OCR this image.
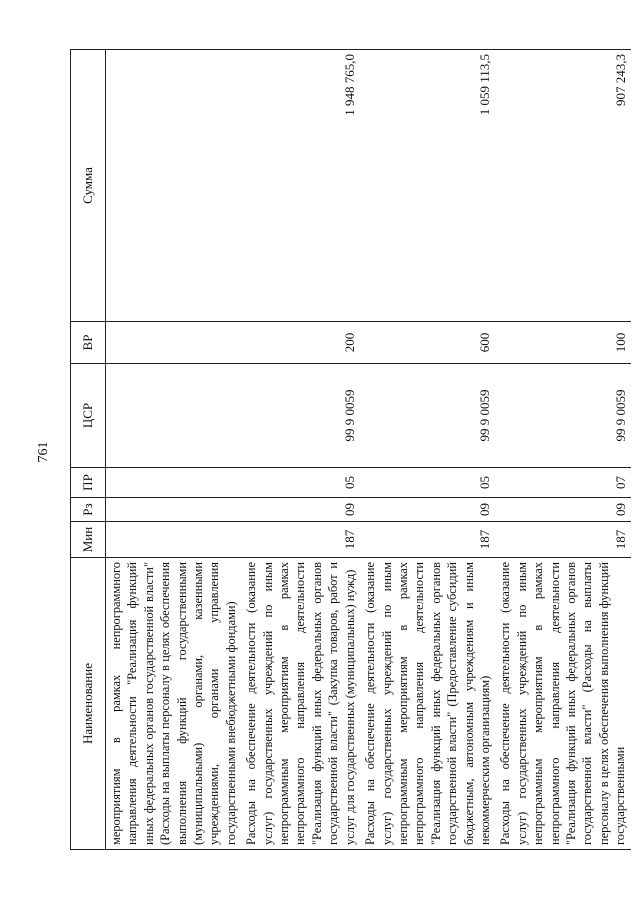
761
Наименование	Мин	Рз	ПР	ЦСР	ВР	Сумма
мероприятиям в рамках непрограммного направления деятельности "Реализация функций иных федеральных органов государственной власти" (Расходы на выплаты персоналу в целях обеспечения выполнения функций государственными (муниципальными) органами, казенными учреждениями, органами управления государственными внебюджетными фондами)						
Расходы на обеспечение деятельности (оказание услуг) государственных учреждений по иным непрограммным мероприятиям в рамках непрограммного направления деятельности "Реализация функций иных федеральных органов государственной власти" (Закупка товаров, работ и услуг для государственных (муниципальных) нужд)	187	09	05	99 9 0059	200	1 948 765,0
Расходы на обеспечение деятельности (оказание услуг) государственных учреждений по иным непрограммным мероприятиям в рамках непрограммного направления деятельности "Реализация функций иных федеральных органов государственной власти" (Предоставление субсидий бюджетным, автономным учреждениям и иным некоммерческим организациям)	187	09	05	99 9 0059	600	1 059 113,5
Расходы на обеспечение деятельности (оказание услуг) государственных учреждений по иным непрограммным мероприятиям в рамках непрограммного направления деятельности "Реализация функций иных федеральных органов государственной власти" (Расходы на выплаты персоналу в целях обеспечения выполнения функций государственными	187	09	07	99 9 0059	100	907 243,3
